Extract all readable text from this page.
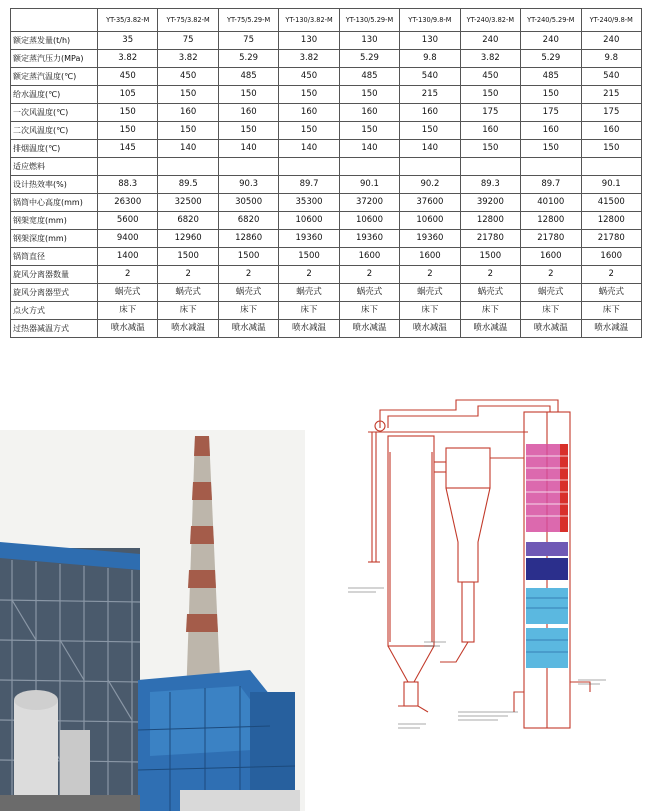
	YT-35/3.82-M	YT-75/3.82-M	YT-75/5.29-M	YT-130/3.82-M	YT-130/5.29-M	YT-130/9.8-M	YT-240/3.82-M	YT-240/5.29-M	YT-240/9.8-M
额定蒸发量(t/h)	35	75	75	130	130	130	240	240	240
额定蒸汽压力(MPa)	3.82	3.82	5.29	3.82	5.29	9.8	3.82	5.29	9.8
额定蒸汽温度(℃)	450	450	485	450	485	540	450	485	540
给水温度(℃)	105	150	150	150	150	215	150	150	215
一次风温度(℃)	150	160	160	160	160	160	175	175	175
二次风温度(℃)	150	150	150	150	150	150	160	160	160
排烟温度(℃)	145	140	140	140	140	140	150	150	150
适应燃料									
设计热效率(%)	88.3	89.5	90.3	89.7	90.1	90.2	89.3	89.7	90.1
锅筒中心高度(mm)	26300	32500	30500	35300	37200	37600	39200	40100	41500
钢架宽度(mm)	5600	6820	6820	10600	10600	10600	12800	12800	12800
钢架深度(mm)	9400	12960	12860	19360	19360	19360	21780	21780	21780
锅筒直径	1400	1500	1500	1500	1600	1600	1500	1600	1600
旋风分离器数量	2	2	2	2	2	2	2	2	2
旋风分离器型式	蜗壳式	蜗壳式	蜗壳式	蜗壳式	蜗壳式	蜗壳式	蜗壳式	蜗壳式	蜗壳式
点火方式	床下	床下	床下	床下	床下	床下	床下	床下	床下
过热器减温方式	喷水减温	喷水减温	喷水减温	喷水减温	喷水减温	喷水减温	喷水减温	喷水减温	喷水减温
